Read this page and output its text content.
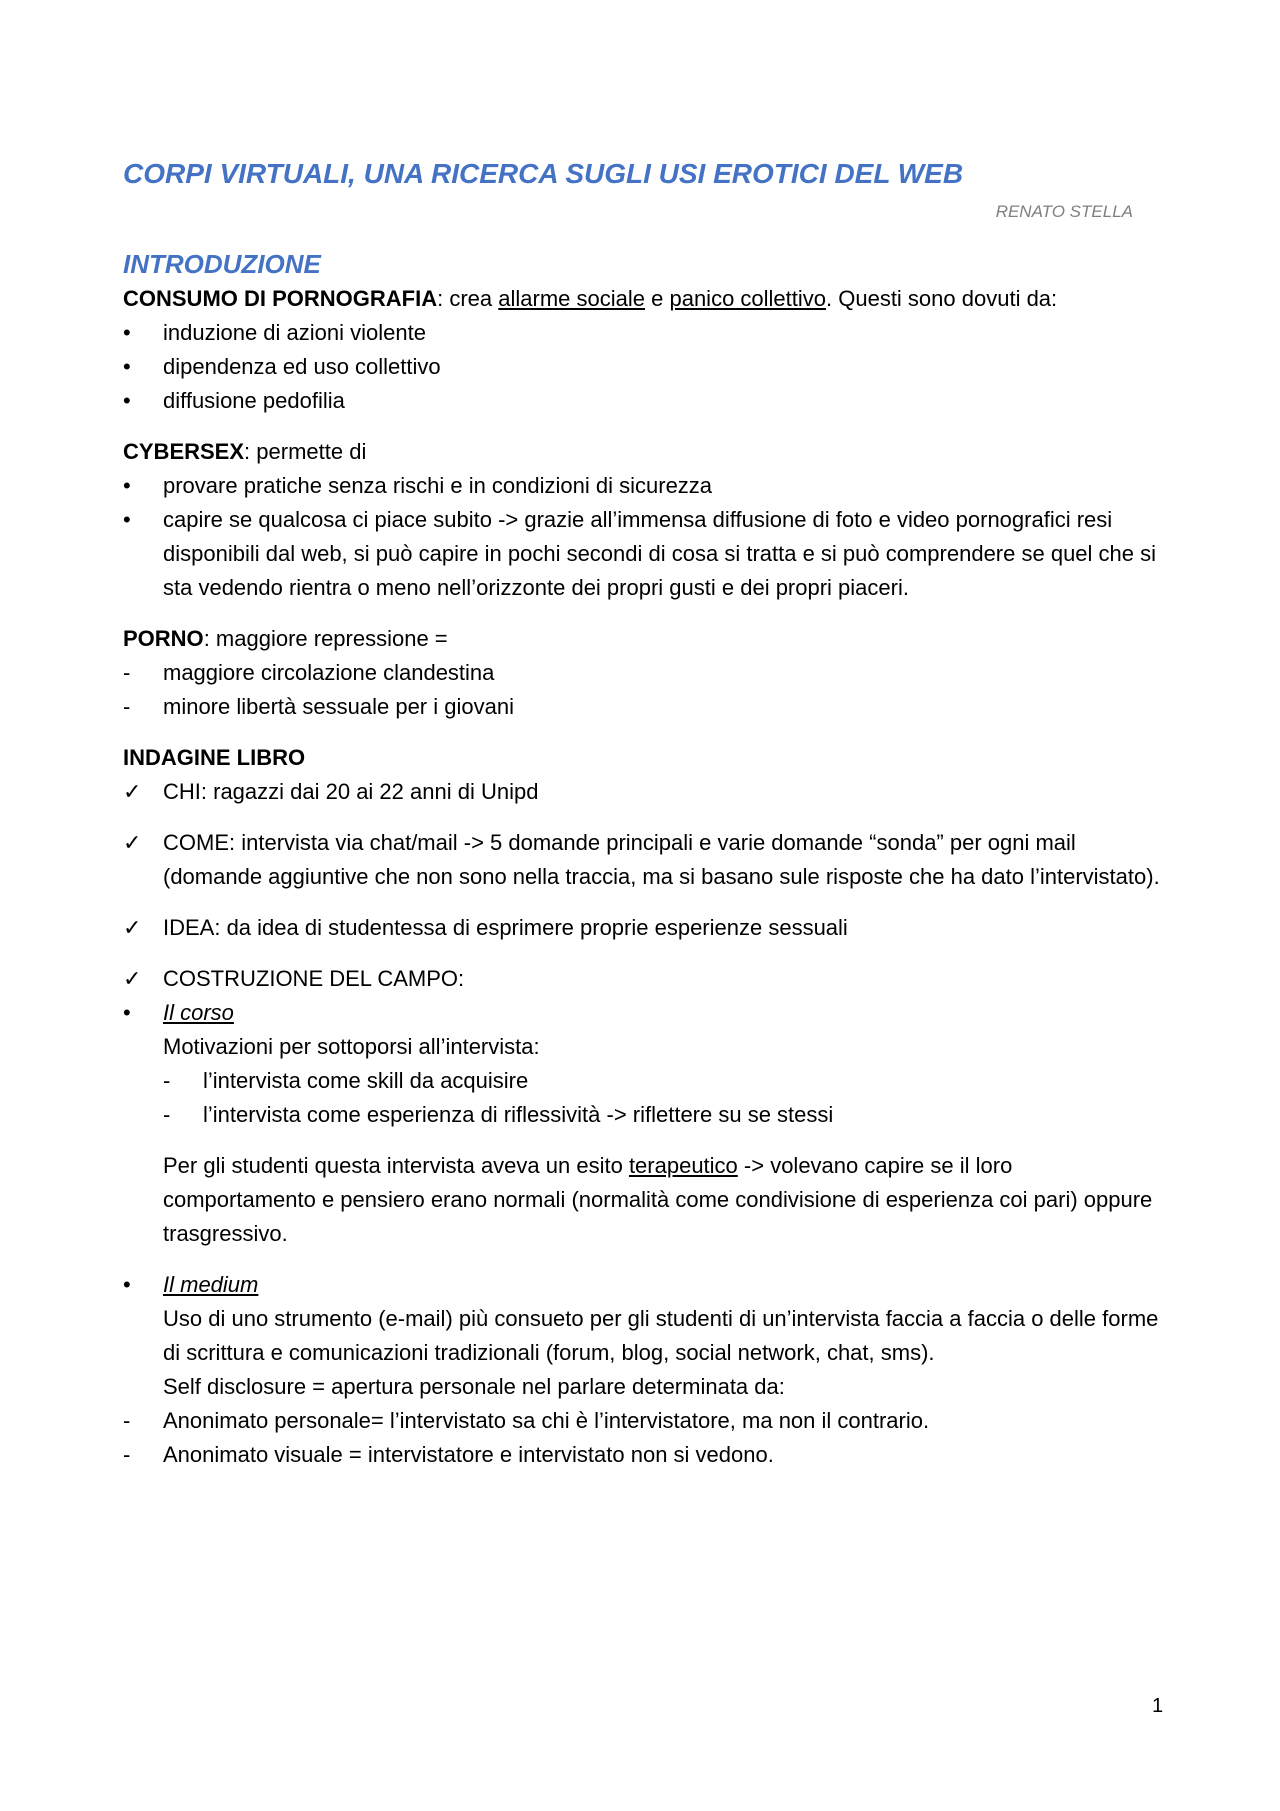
CORPI VIRTUALI, UNA RICERCA SUGLI USI EROTICI DEL WEB

RENATO STELLA

INTRODUZIONE

CONSUMO DI PORNOGRAFIA: crea allarme sociale e panico collettivo. Questi sono dovuti da:

•	induzione di azioni violente
•	dipendenza ed uso collettivo
•	diffusione pedofilia

CYBERSEX: permette di

•	provare pratiche senza rischi e in condizioni di sicurezza
•	capire se qualcosa ci piace subito -> grazie all’immensa diffusione di foto e video pornografici resi disponibili dal web, si può capire in pochi secondi di cosa si tratta e si può comprendere se quel che si sta vedendo rientra o meno nell’orizzonte dei propri gusti e dei propri piaceri.

PORNO: maggiore repressione =

-	maggiore circolazione clandestina
-	minore libertà sessuale per i giovani

INDAGINE LIBRO

✓ CHI: ragazzi dai 20 ai 22 anni di Unipd
✓ COME: intervista via chat/mail -> 5 domande principali e varie domande “sonda” per ogni mail (domande aggiuntive che non sono nella traccia, ma si basano sule risposte che ha dato l’intervistato).
✓ IDEA: da idea di studentessa di esprimere proprie esperienze sessuali
✓ COSTRUZIONE DEL CAMPO:
•	Il corso
Motivazioni per sottoporsi all’intervista:
-	l’intervista come skill da acquisire
-	l’intervista come esperienza di riflessività -> riflettere su se stessi

Per gli studenti questa intervista aveva un esito terapeutico -> volevano capire se il loro comportamento e pensiero erano normali (normalità come condivisione di esperienza coi pari) oppure trasgressivo.

•	Il medium
Uso di uno strumento (e-mail) più consueto per gli studenti di un’intervista faccia a faccia o delle forme di scrittura e comunicazioni tradizionali (forum, blog, social network, chat, sms).
Self disclosure = apertura personale nel parlare determinata da:
-	Anonimato personale= l’intervistato sa chi è l’intervistatore, ma non il contrario.
-	Anonimato visuale = intervistatore e intervistato non si vedono.

1
